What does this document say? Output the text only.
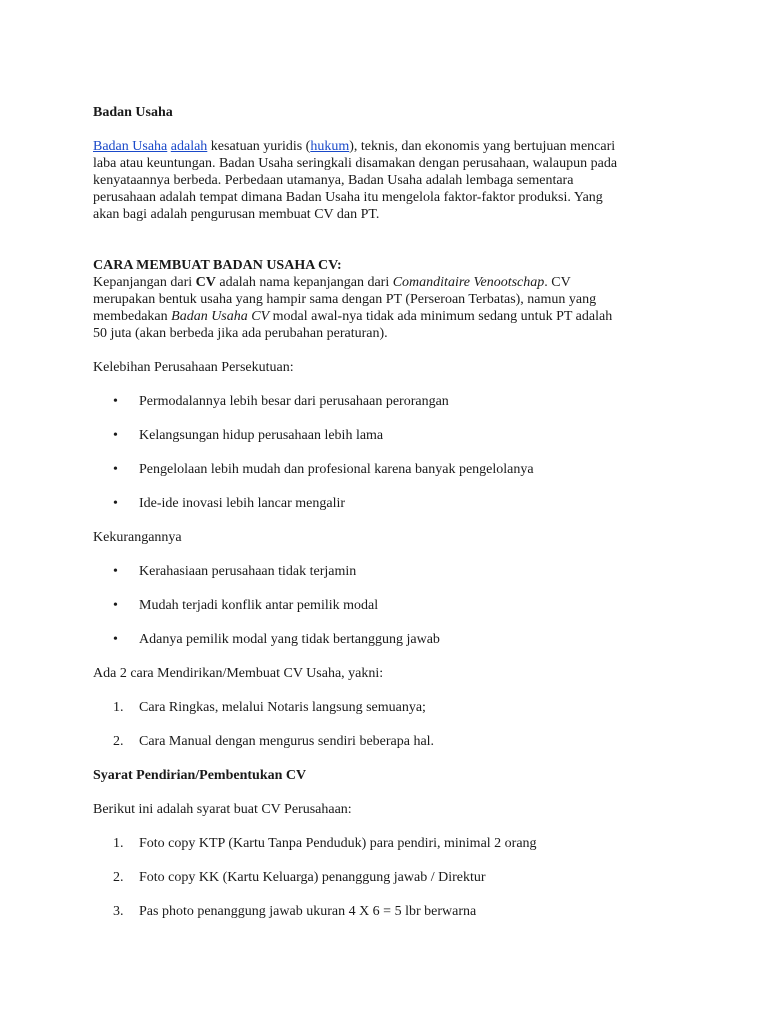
Badan Usaha

Badan Usaha adalah kesatuan yuridis (hukum), teknis, dan ekonomis yang bertujuan mencari

laba atau keuntungan. Badan Usaha seringkali disamakan dengan perusahaan, walaupun pada

kenyataannya berbeda. Perbedaan utamanya, Badan Usaha adalah lembaga sementara

perusahaan adalah tempat dimana Badan Usaha itu mengelola faktor-faktor produksi. Yang

akan bagi adalah pengurusan membuat CV dan PT.

CARA MEMBUAT BADAN USAHA CV:

Kepanjangan dari CV adalah nama kepanjangan dari Comanditaire Venootschap. CV

merupakan bentuk usaha yang hampir sama dengan PT (Perseroan Terbatas), namun yang

membedakan Badan Usaha CV modal awal-nya tidak ada minimum sedang untuk PT adalah

50 juta (akan berbeda jika ada perubahan peraturan).

Kelebihan Perusahaan Persekutuan:

• Permodalannya lebih besar dari perusahaan perorangan
• Kelangsungan hidup perusahaan lebih lama
• Pengelolaan lebih mudah dan profesional karena banyak pengelolanya
• Ide-ide inovasi lebih lancar mengalir

Kekurangannya

• Kerahasiaan perusahaan tidak terjamin
• Mudah terjadi konflik antar pemilik modal
• Adanya pemilik modal yang tidak bertanggung jawab

Ada 2 cara Mendirikan/Membuat CV Usaha, yakni:

1. Cara Ringkas, melalui Notaris langsung semuanya;
2. Cara Manual dengan mengurus sendiri beberapa hal.

Syarat Pendirian/Pembentukan CV

Berikut ini adalah syarat buat CV Perusahaan:

1. Foto copy KTP (Kartu Tanpa Penduduk) para pendiri, minimal 2 orang
2. Foto copy KK (Kartu Keluarga) penanggung jawab / Direktur
3. Pas photo penanggung jawab ukuran 4 X 6 = 5 lbr berwarna
